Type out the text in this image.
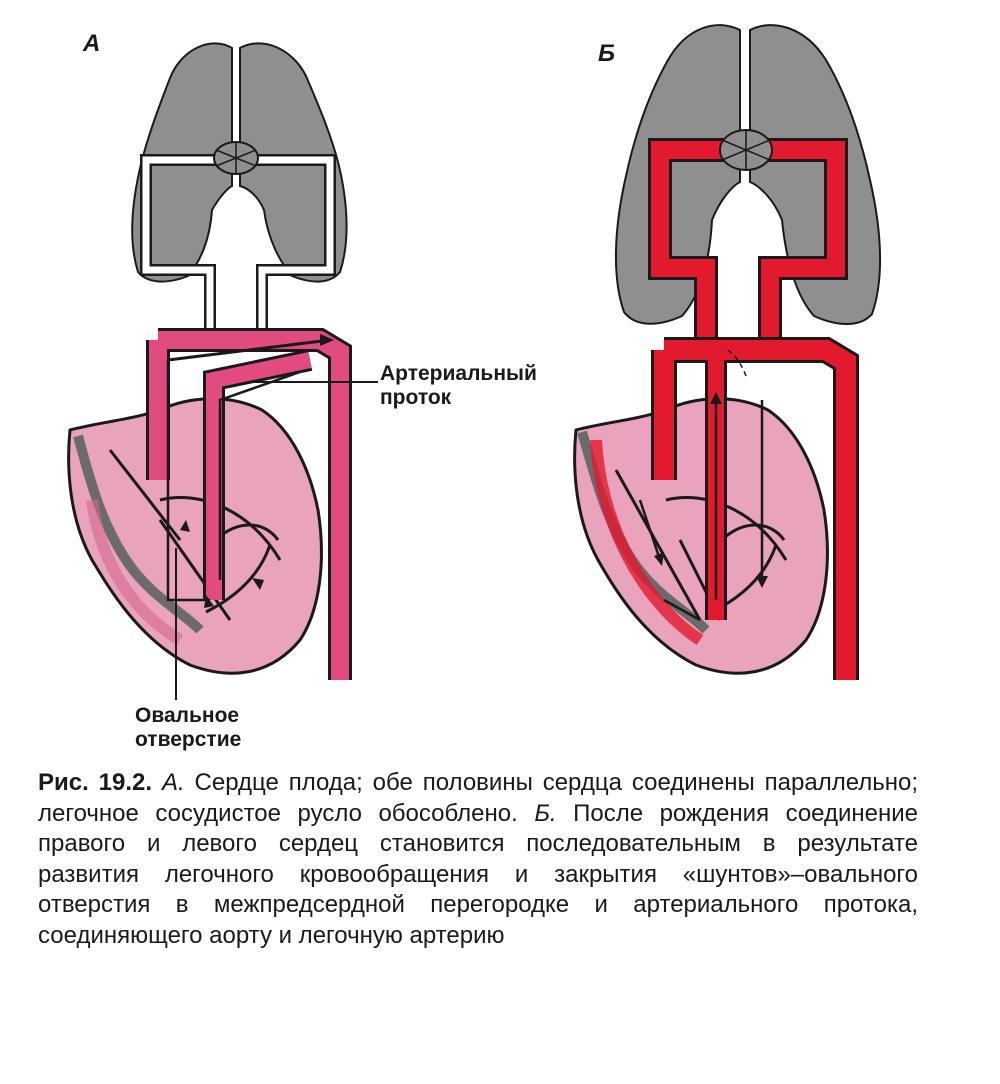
А	Б
Артериальный
проток
Овальное
отверстие
Рис. 19.2. А. Сердце плода; обе половины сердца соединены параллельно; легочное сосудистое русло обособлено. Б. После рождения соединение правого и левого сердец становится последовательным в результате развития легочного кровообращения и закрытия «шунтов»–овального отверстия в межпредсердной перегородке и артериального протока, соединяющего аорту и легочную артерию
